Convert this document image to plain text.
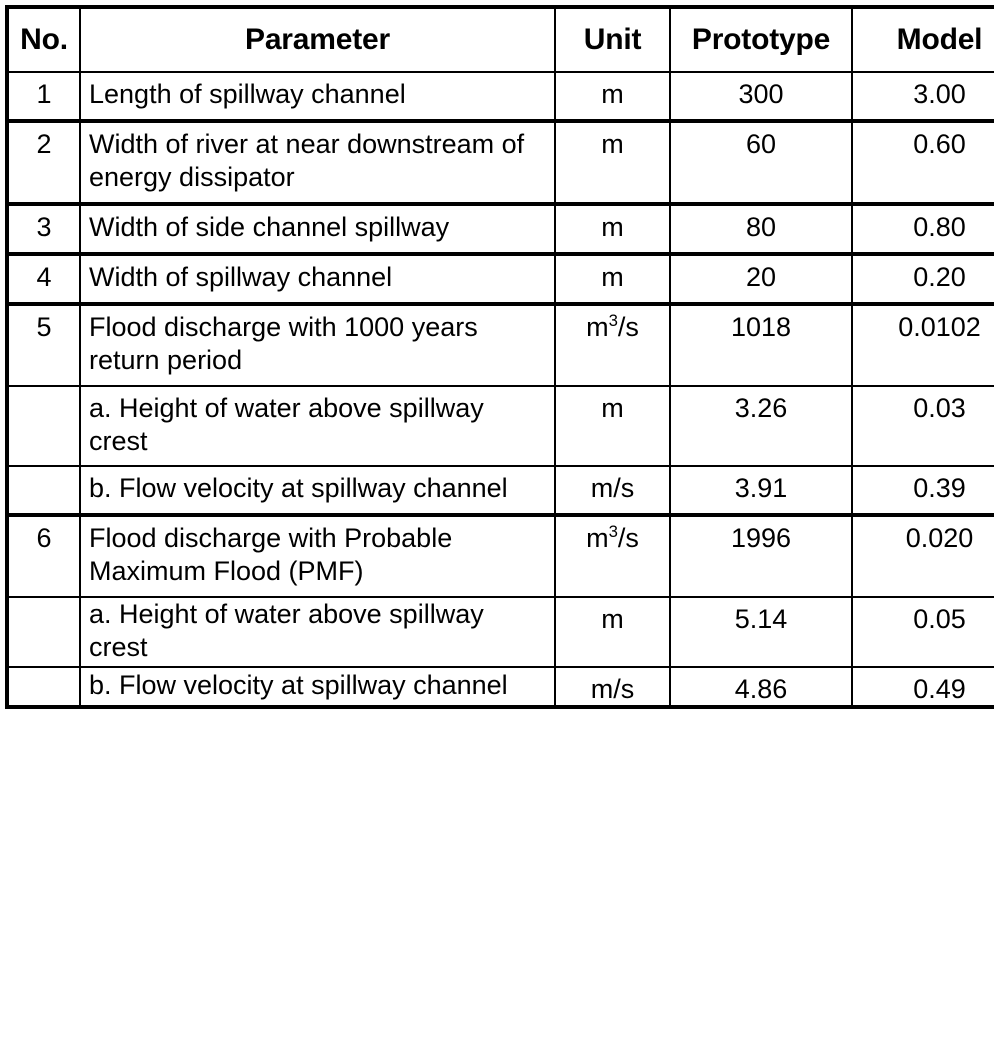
No.	Parameter	Unit	Prototype	Model
1	Length of spillway channel	m	300	3.00
2	Width of river at near downstream of energy dissipator	m	60	0.60
3	Width of side channel spillway	m	80	0.80
4	Width of spillway channel	m	20	0.20
5	Flood discharge with 1000 years return period	$m^3/s$	1018	0.0102
	a. Height of water above spillway crest	m	3.26	0.03
	b. Flow velocity at spillway channel	m/s	3.91	0.39
6	Flood discharge with Probable Maximum Flood (PMF)	$m^3/s$	1996	0.020
	a. Height of water above spillway crest	m	5.14	0.05
	b. Flow velocity at spillway channel	m/s	4.86	0.49
